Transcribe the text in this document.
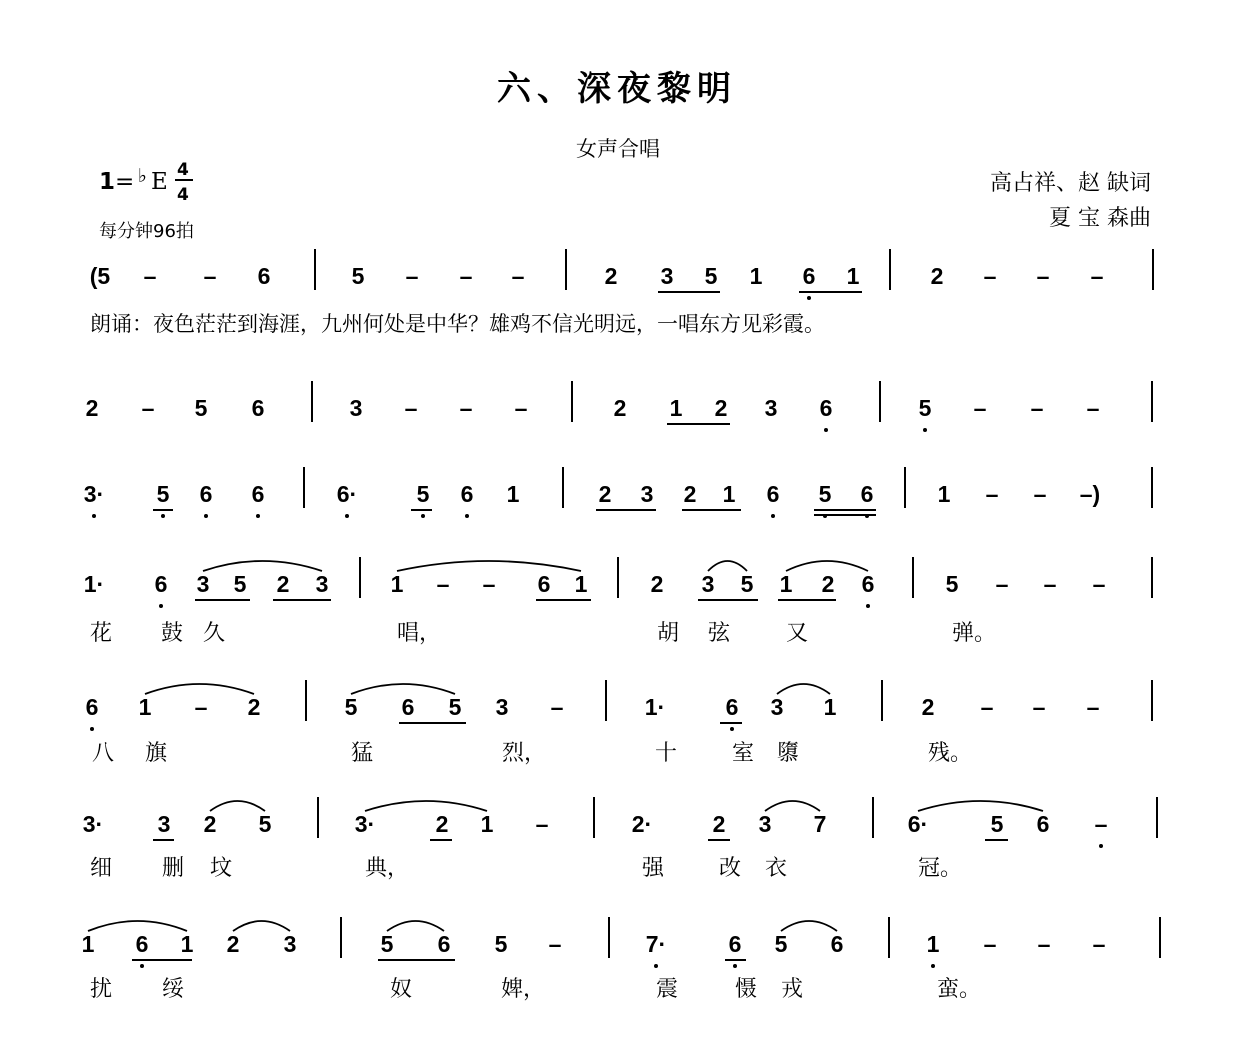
六、深夜黎明
女声合唱
1 = ♭ E 4
4
每分钟96拍
高占祥、赵 缺词
夏 宝 森曲
朗诵：夜色茫茫到海涯，九州何处是中华？雄鸡不信光明远，一唱东方见彩霞。
(5 – – 6	5 – – –	2 3 5 1 6 1	2 – – –
2 – 5 6	3 – – –	2 1 2 3 6	5 – – –
3· 5 6 6	6·	5 6 1	2 3 2 1 6 5 6	1 – – –)
1· 6 3 5 2 3	1 – – 6 1	2 3 5 1 2 6	5 – – –
花 鼓 久	唱，	胡 弦	又	弹。
6 1 – 2	5 6 5 3 –	1·	6 3 1	2 – – –
八 旗	猛	烈，	十 室 隳	残。
3· 3 2 5	3·	2 1 –	2·	2 3 7	6·	5 6 –
细 删 坟	典，	强 改 衣	冠。
1 6 1 2 3	5 6 5 –	7·	6 5 6	1 – – –
扰 绥	奴	婢，	震	慑 戎	蛮。
